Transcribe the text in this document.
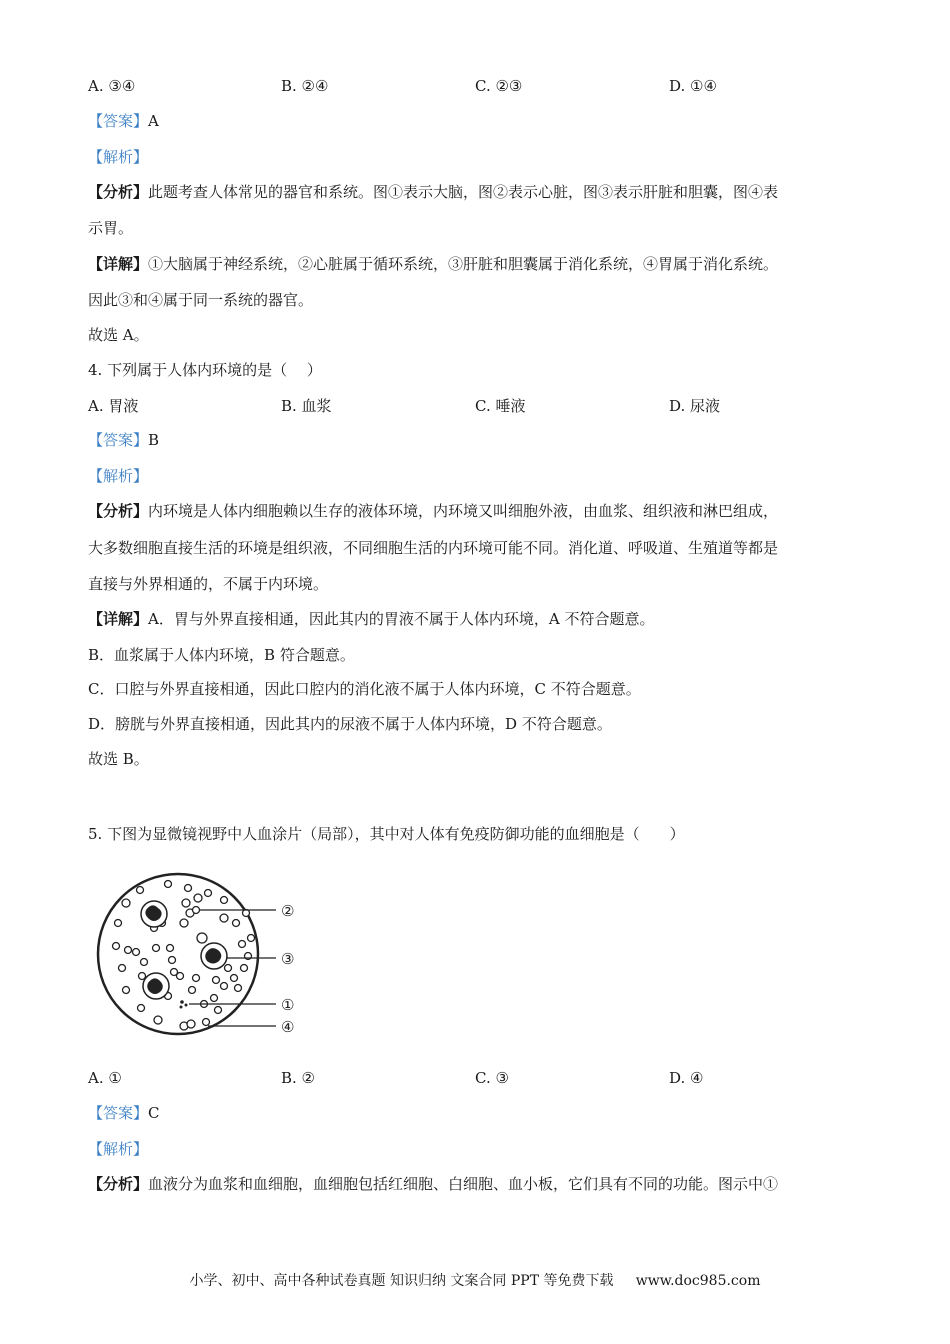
A. ③④	B. ②④	C. ②③	D. ①④
【答案】A
【解析】
【分析】此题考查人体常见的器官和系统。图①表示大脑，图②表示心脏，图③表示肝脏和胆囊，图④表
示胃。
【详解】①大脑属于神经系统，②心脏属于循环系统，③肝脏和胆囊属于消化系统，④胃属于消化系统。
因此③和④属于同一系统的器官。
故选 A。
4. 下列属于人体内环境的是（　 ）
A. 胃液	B. 血浆	C. 唾液	D. 尿液
【答案】B
【解析】
【分析】内环境是人体内细胞赖以生存的液体环境，内环境又叫细胞外液，由血浆、组织液和淋巴组成，
大多数细胞直接生活的环境是组织液，不同细胞生活的内环境可能不同。消化道、呼吸道、生殖道等都是
直接与外界相通的，不属于内环境。
【详解】A．胃与外界直接相通，因此其内的胃液不属于人体内环境，A 不符合题意。
B．血浆属于人体内环境，B 符合题意。
C．口腔与外界直接相通，因此口腔内的消化液不属于人体内环境，C 不符合题意。
D．膀胱与外界直接相通，因此其内的尿液不属于人体内环境，D 不符合题意。
故选 B。
5. 下图为显微镜视野中人血涂片（局部），其中对人体有免疫防御功能的血细胞是（　　）
②
③
①
④
A. ①	B. ②	C. ③	D. ④
【答案】C
【解析】
【分析】血液分为血浆和血细胞，血细胞包括红细胞、白细胞、血小板，它们具有不同的功能。图示中①
小学、初中、高中各种试卷真题 知识归纳 文案合同 PPT 等免费下载 www.doc985.com
